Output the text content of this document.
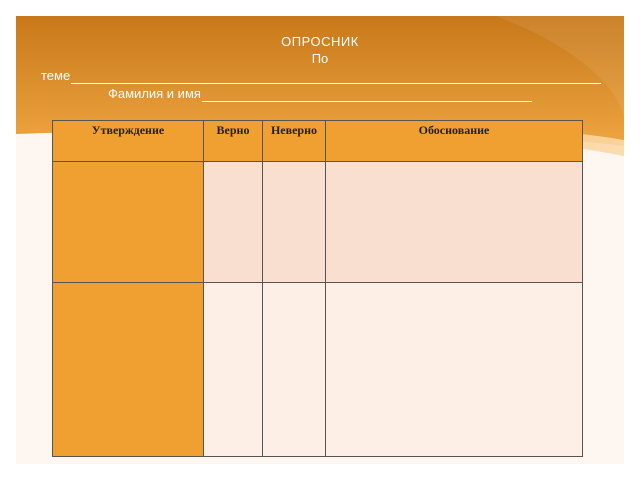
ОПРОСНИК
По
теме
Фамилия и имя
Утверждение	Верно	Неверно	Обоснование
